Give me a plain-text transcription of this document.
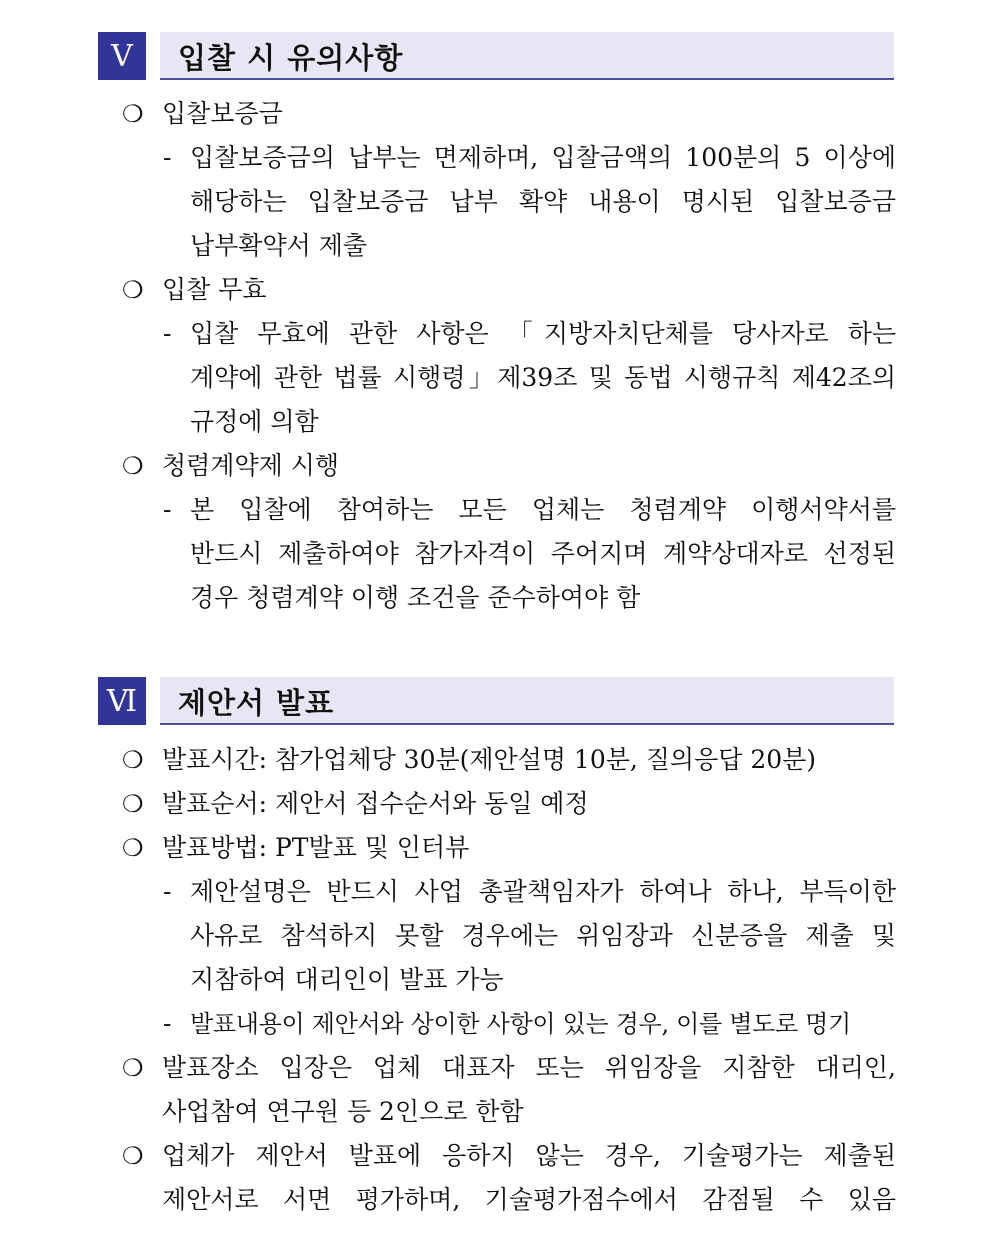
V	입찰 시 유의사항
❍ 입찰보증금
- 입찰보증금의 납부는 면제하며, 입찰금액의 100분의 5 이상에
해당하는 입찰보증금 납부 확약 내용이 명시된 입찰보증금
납부확약서 제출
❍ 입찰 무효
- 입찰 무효에 관한 사항은 「지방자치단체를 당사자로 하는
계약에 관한 법률 시행령」제39조 및 동법 시행규칙 제42조의
규정에 의함
❍ 청렴계약제 시행
- 본 입찰에 참여하는 모든 업체는 청렴계약 이행서약서를
반드시 제출하여야 참가자격이 주어지며 계약상대자로 선정된
경우 청렴계약 이행 조건을 준수하여야 함
Ⅵ	제안서 발표
❍ 발표시간: 참가업체당 30분(제안설명 10분, 질의응답 20분)
❍ 발표순서: 제안서 접수순서와 동일 예정
❍ 발표방법: PT발표 및 인터뷰
- 제안설명은 반드시 사업 총괄책임자가 하여나 하나, 부득이한
사유로 참석하지 못할 경우에는 위임장과 신분증을 제출 및
지참하여 대리인이 발표 가능
- 발표내용이 제안서와 상이한 사항이 있는 경우, 이를 별도로 명기
❍ 발표장소 입장은 업체 대표자 또는 위임장을 지참한 대리인,
사업참여 연구원 등 2인으로 한함
❍ 업체가 제안서 발표에 응하지 않는 경우, 기술평가는 제출된
제안서로 서면 평가하며, 기술평가점수에서 감점될 수 있음
